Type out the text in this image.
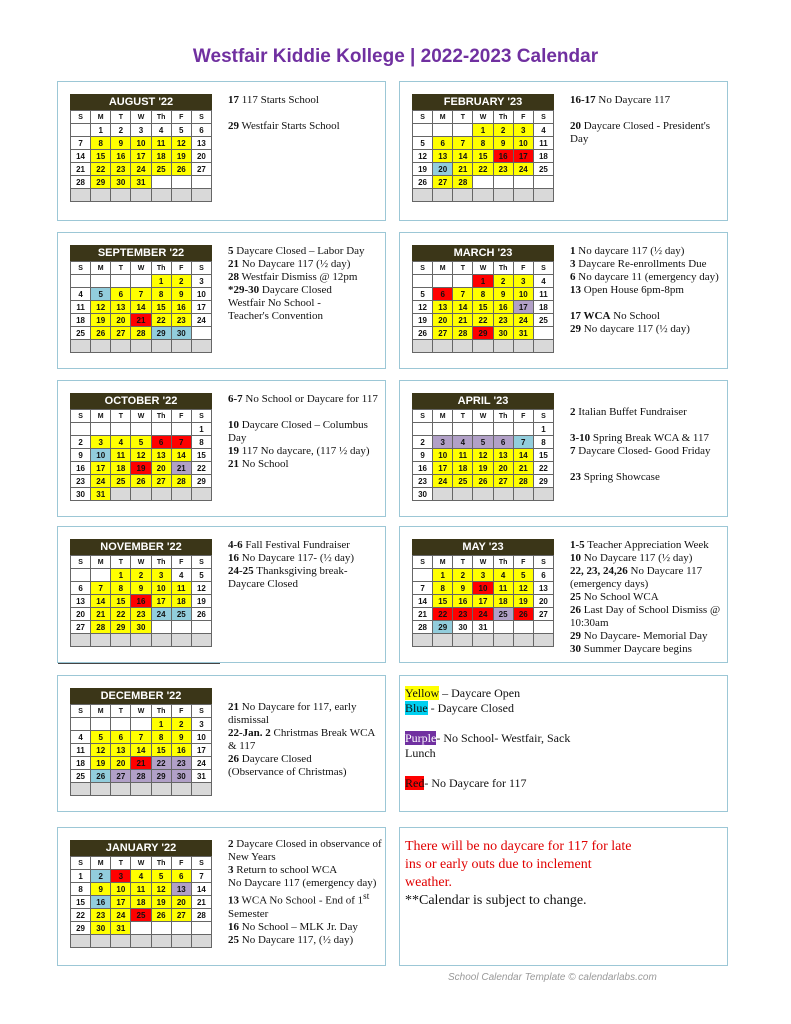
Westfair Kiddie Kollege | 2022-2023 Calendar
AUGUST '22
S	M	T	W	Th	F	S
	1	2	3	4	5	6
7	8	9	10	11	12	13
14	15	16	17	18	19	20
21	22	23	24	25	26	27
28	29	30	31			

17 117 Starts School
29 Westfair Starts School
FEBRUARY '23
S	M	T	W	Th	F	S
			1	2	3	4
5	6	7	8	9	10	11
12	13	14	15	16	17	18
19	20	21	22	23	24	25
26	27	28				

16-17 No Daycare 117
20 Daycare Closed - President's Day
SEPTEMBER '22
S	M	T	W	Th	F	S
				1	2	3
4	5	6	7	8	9	10
11	12	13	14	15	16	17
18	19	20	21	22	23	24
25	26	27	28	29	30	

5 Daycare Closed – Labor Day
21 No Daycare 117 (½ day)
28 Westfair Dismiss @ 12pm
*29-30 Daycare Closed
Westfair No School -
Teacher's Convention
MARCH '23
S	M	T	W	Th	F	S
			1	2	3	4
5	6	7	8	9	10	11
12	13	14	15	16	17	18
19	20	21	22	23	24	25
26	27	28	29	30	31	

1 No daycare 117 (½ day)
3 Daycare Re-enrollments Due
6 No daycare 11 (emergency day)
13 Open House 6pm-8pm
17 WCA No School
29 No daycare 117 (½ day)
OCTOBER '22
S	M	T	W	Th	F	S
						1
2	3	4	5	6	7	8
9	10	11	12	13	14	15
16	17	18	19	20	21	22
23	24	25	26	27	28	29
30	31					
6-7 No School or Daycare for 117
10 Daycare Closed – Columbus Day
19 117 No daycare, (117 ½ day)
21 No School
APRIL '23
S	M	T	W	Th	F	S
						1
2	3	4	5	6	7	8
9	10	11	12	13	14	15
16	17	18	19	20	21	22
23	24	25	26	27	28	29
30						
2 Italian Buffet Fundraiser
3-10 Spring Break WCA & 117
7 Daycare Closed- Good Friday
23 Spring Showcase
NOVEMBER '22
S	M	T	W	Th	F	S
		1	2	3	4	5
6	7	8	9	10	11	12
13	14	15	16	17	18	19
20	21	22	23	24	25	26
27	28	29	30			

4-6 Fall Festival Fundraiser
16 No Daycare 117- (½ day)
24-25 Thanksgiving break-
Daycare Closed
MAY '23
S	M	T	W	Th	F	S
	1	2	3	4	5	6
7	8	9	10	11	12	13
14	15	16	17	18	19	20
21	22	23	24	25	26	27
28	29	30	31			

1-5 Teacher Appreciation Week
10 No Daycare 117 (½ day)
22, 23, 24,26 No Daycare 117 (emergency days)
25 No School WCA
26 Last Day of School Dismiss @ 10:30am
29 No Daycare- Memorial Day
30 Summer Daycare begins
DECEMBER '22
S	M	T	W	Th	F	S
				1	2	3
4	5	6	7	8	9	10
11	12	13	14	15	16	17
18	19	20	21	22	23	24
25	26	27	28	29	30	31

21 No Daycare for 117, early dismissal
22-Jan. 2 Christmas Break WCA & 117
26 Daycare Closed
(Observance of Christmas)
Yellow – Daycare Open
Blue - Daycare Closed
Purple- No School- Westfair, Sack Lunch
Red- No Daycare for 117
JANUARY '22
S	M	T	W	Th	F	S
1	2	3	4	5	6	7
8	9	10	11	12	13	14
15	16	17	18	19	20	21
22	23	24	25	26	27	28
29	30	31				

2 Daycare Closed in observance of New Years
3 Return to school WCA
No Daycare 117 (emergency day)
13 WCA No School - End of 1st Semester
16 No School – MLK Jr. Day
25 No Daycare 117, (½ day)
There will be no daycare for 117 for late ins or early outs due to inclement weather.
**Calendar is subject to change.
School Calendar Template © calendarlabs.com
